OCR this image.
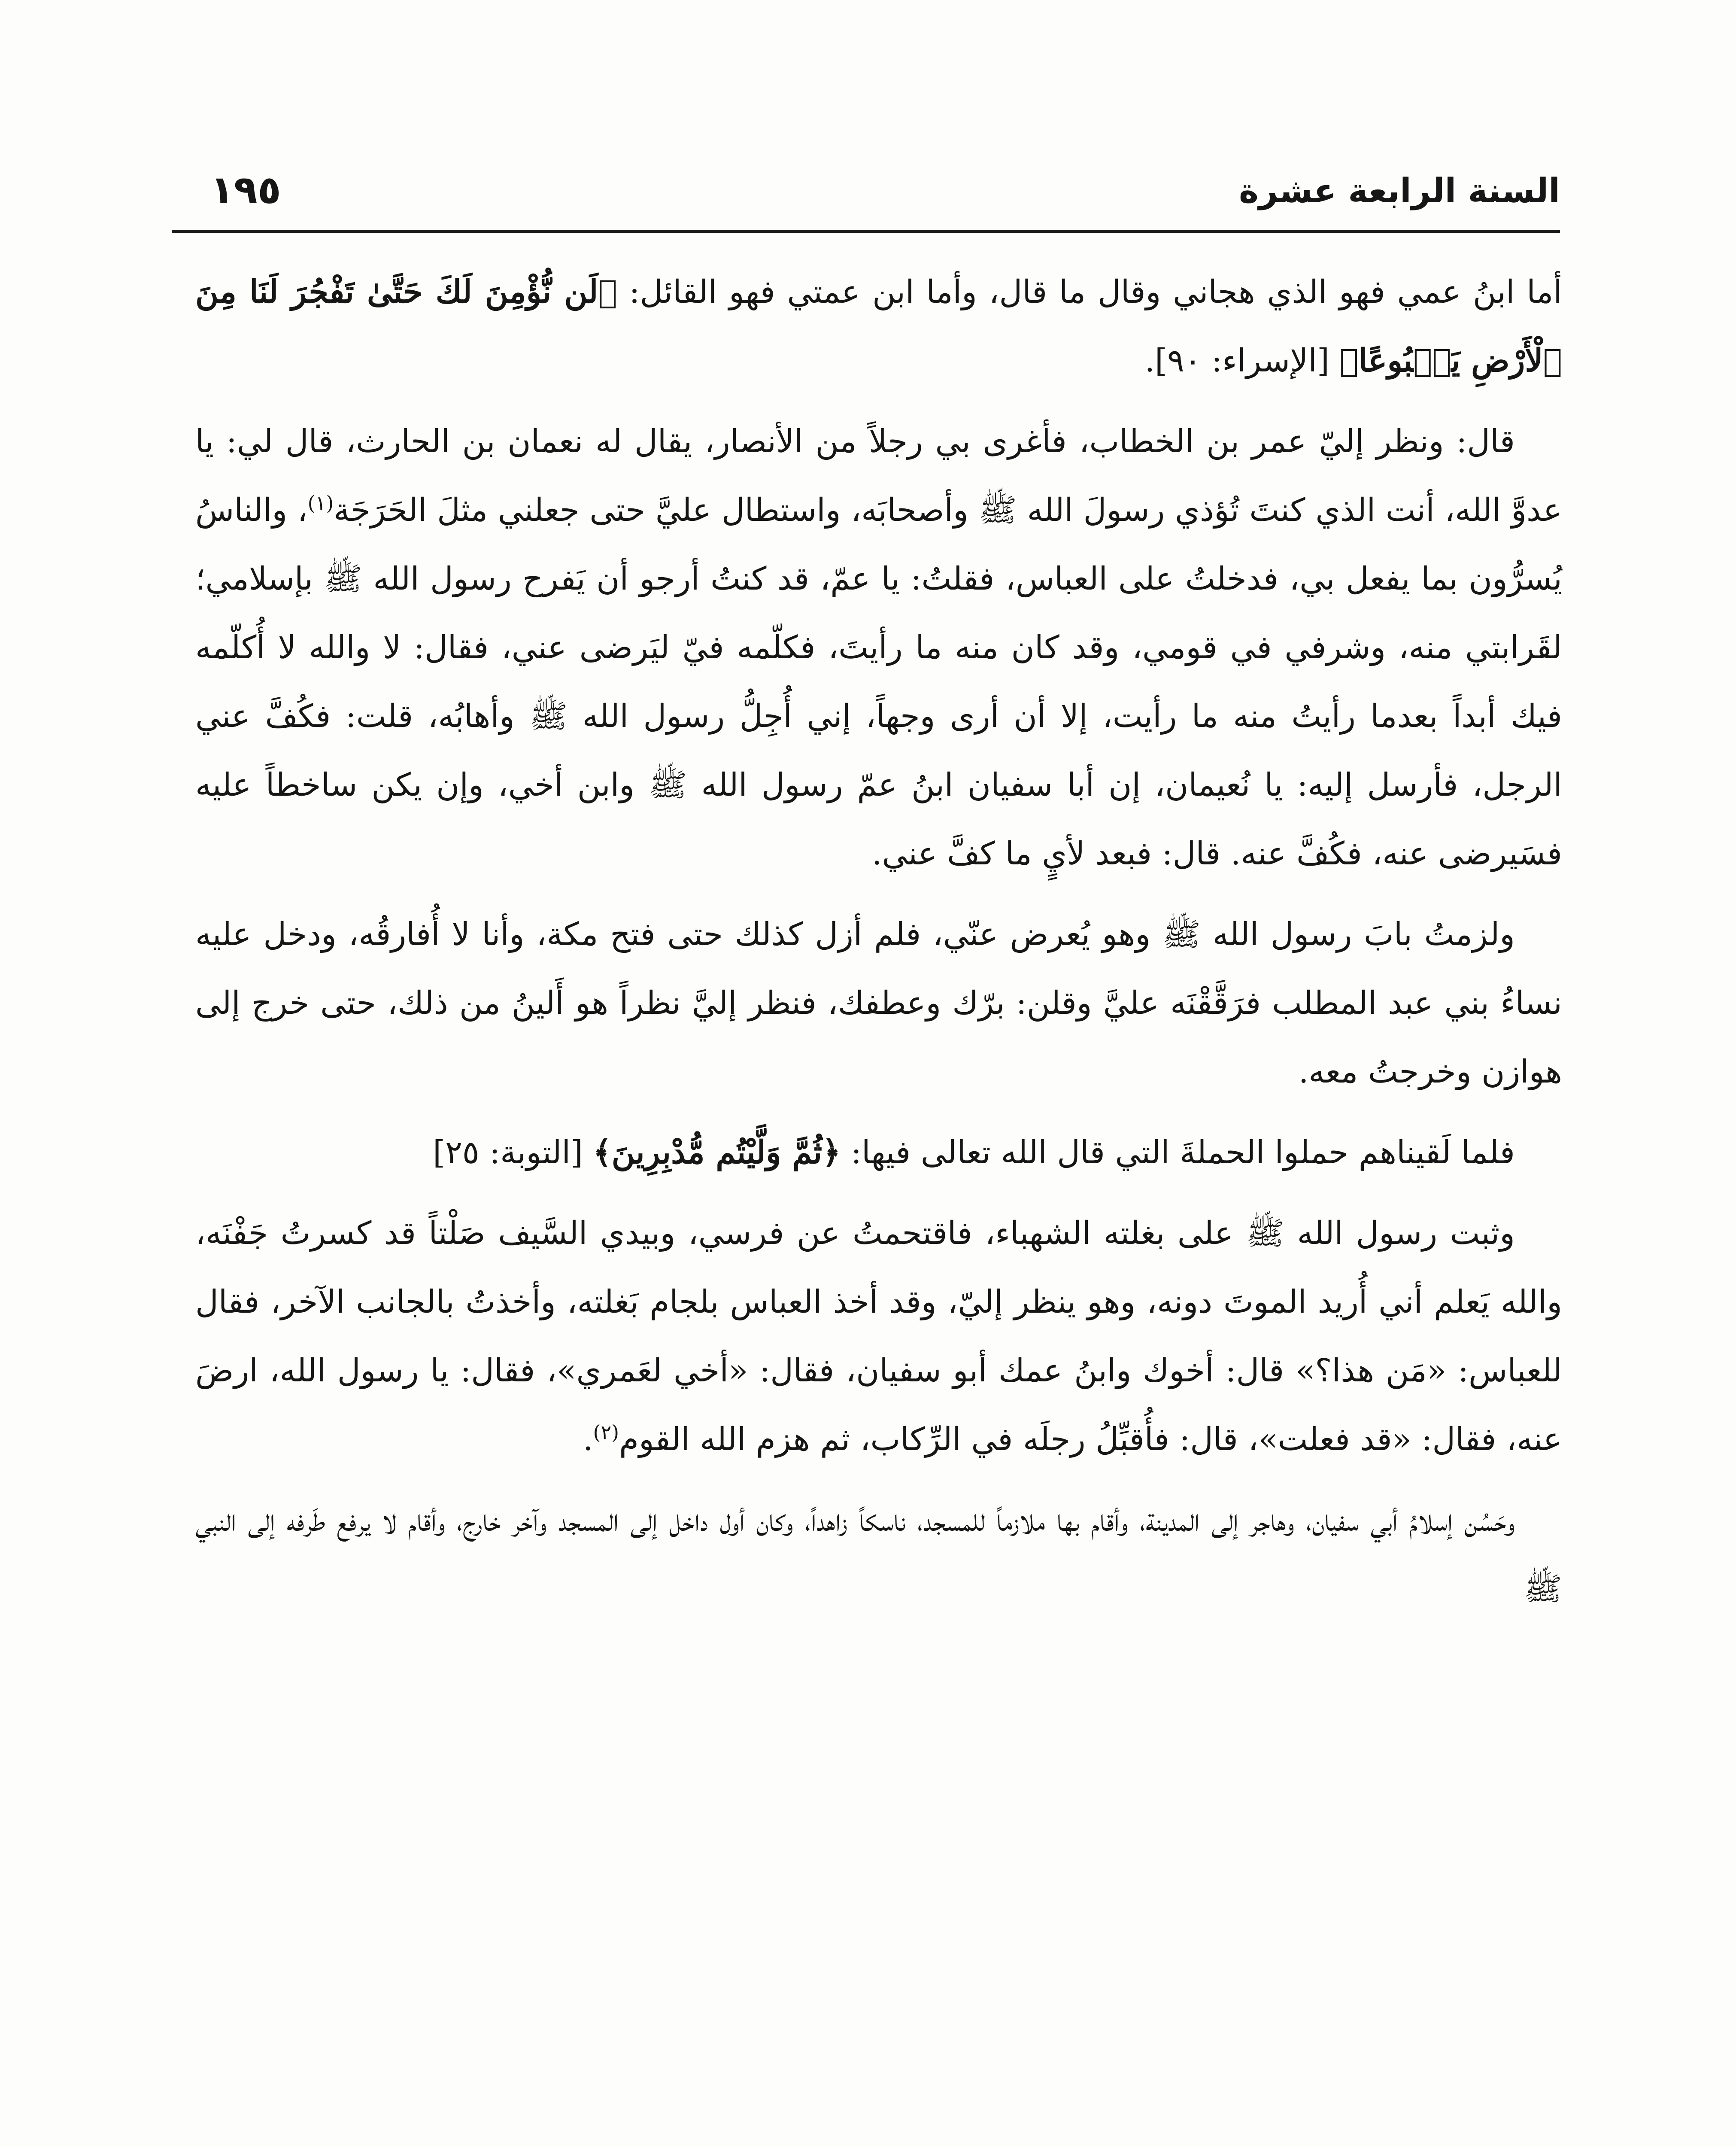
السنة الرابعة عشرة
١٩٥

أما ابنُ عمي فهو الذي هجاني وقال ما قال، وأما ابن عمتي فهو القائل: ﴿لَن نُّؤْمِنَ لَكَ حَتَّىٰ تَفْجُرَ لَنَا مِنَ ٱلْأَرْضِ يَنۢبُوعًا﴾ [الإسراء: ٩٠].

قال: ونظر إليّ عمر بن الخطاب، فأغرى بي رجلاً من الأنصار، يقال له نعمان بن الحارث، قال لي: يا عدوَّ الله، أنت الذي كنتَ تُؤذي رسولَ الله ﷺ وأصحابَه، واستطال عليَّ حتى جعلني مثلَ الحَرَجَة$^{(١)}$، والناسُ يُسرُّون بما يفعل بي، فدخلتُ على العباس، فقلتُ: يا عمّ، قد كنتُ أرجو أن يَفرح رسول الله ﷺ بإسلامي؛ لقَرابتي منه، وشرفي في قومي، وقد كان منه ما رأيتَ، فكلّمه فيّ ليَرضى عني، فقال: لا والله لا أُكلّمه فيك أبداً بعدما رأيتُ منه ما رأيت، إلا أن أرى وجهاً، إني أُجِلُّ رسول الله ﷺ وأهابُه، قلت: فكُفَّ عني الرجل، فأرسل إليه: يا نُعيمان، إن أبا سفيان ابنُ عمّ رسول الله ﷺ وابن أخي، وإن يكن ساخطاً عليه فسَيرضى عنه، فكُفَّ عنه. قال: فبعد لأيٍ ما كفَّ عني.

ولزمتُ بابَ رسول الله ﷺ وهو يُعرض عنّي، فلم أزل كذلك حتى فتح مكة، وأنا لا أُفارقُه، ودخل عليه نساءُ بني عبد المطلب فرَقَّقْنَه عليَّ وقلن: برّك وعطفك، فنظر إليَّ نظراً هو أَلينُ من ذلك، حتى خرج إلى هوازن وخرجتُ معه.

فلما لَقيناهم حملوا الحملةَ التي قال الله تعالى فيها: ﴿ثُمَّ وَلَّيْتُم مُّدْبِرِينَ﴾ [التوبة: ٢٥]

وثبت رسول الله ﷺ على بغلته الشهباء، فاقتحمتُ عن فرسي، وبيدي السَّيف صَلْتاً قد كسرتُ جَفْنَه، والله يَعلم أني أُريد الموتَ دونه، وهو ينظر إليّ، وقد أخذ العباس بلجام بَغلته، وأخذتُ بالجانب الآخر، فقال للعباس: «مَن هذا؟» قال: أخوك وابنُ عمك أبو سفيان، فقال: «أخي لعَمري»، فقال: يا رسول الله، ارضَ عنه، فقال: «قد فعلت»، قال: فأُقبِّلُ رجلَه في الرِّكاب، ثم هزم الله القوم$^{(٢)}$.

وحَسُن إسلامُ أبي سفيان، وهاجر إلى المدينة، وأقام بها ملازماً للمسجد، ناسكاً زاهداً، وكان أول داخل إلى المسجد وآخر خارج، وأقام لا يرفع طَرفه إلى النبي ﷺ
